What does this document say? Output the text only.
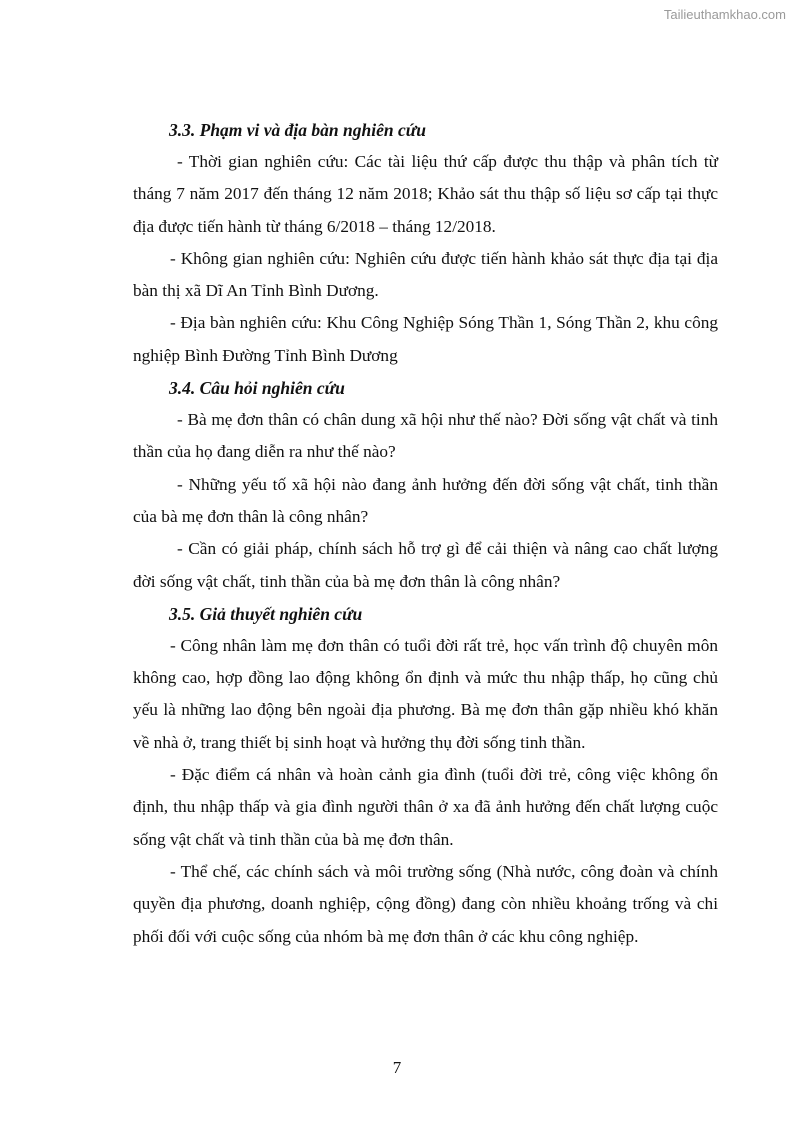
Tailieuthamkhao.com
3.3. Phạm vi và địa bàn nghiên cứu

- Thời gian nghiên cứu: Các tài liệu thứ cấp được thu thập và phân tích từ tháng 7 năm 2017 đến tháng 12 năm 2018; Khảo sát thu thập số liệu sơ cấp tại thực địa được tiến hành từ tháng 6/2018 – tháng 12/2018.

- Không gian nghiên cứu: Nghiên cứu được tiến hành khảo sát thực địa tại địa bàn thị xã Dĩ An Tỉnh Bình Dương.

- Địa bàn nghiên cứu: Khu Công Nghiệp Sóng Thần 1, Sóng Thần 2, khu công nghiệp Bình Đường Tỉnh Bình Dương

3.4. Câu hỏi nghiên cứu

- Bà mẹ đơn thân có chân dung xã hội như thế nào? Đời sống vật chất và tinh thần của họ đang diễn ra như thế nào?

- Những yếu tố xã hội nào đang ảnh hưởng đến đời sống vật chất, tinh thần của bà mẹ đơn thân là công nhân?

- Cần có giải pháp, chính sách hỗ trợ gì để cải thiện và nâng cao chất lượng đời sống vật chất, tinh thần của bà mẹ đơn thân là công nhân?

3.5. Giả thuyết nghiên cứu

- Công nhân làm mẹ đơn thân có tuổi đời rất trẻ, học vấn trình độ chuyên môn không cao, hợp đồng lao động không ổn định và mức thu nhập thấp, họ cũng chủ yếu là những lao động bên ngoài địa phương. Bà mẹ đơn thân gặp nhiều khó khăn về nhà ở, trang thiết bị sinh hoạt và hưởng thụ đời sống tinh thần.

- Đặc điểm cá nhân và hoàn cảnh gia đình (tuổi đời trẻ, công việc không ổn định, thu nhập thấp và gia đình người thân ở xa đã ảnh hưởng đến chất lượng cuộc sống vật chất và tinh thần của bà mẹ đơn thân.

- Thể chế, các chính sách và môi trường sống (Nhà nước, công đoàn và chính quyền địa phương, doanh nghiệp, cộng đồng) đang còn nhiều khoảng trống và chi phối đối với cuộc sống của nhóm bà mẹ đơn thân ở các khu công nghiệp.

7
